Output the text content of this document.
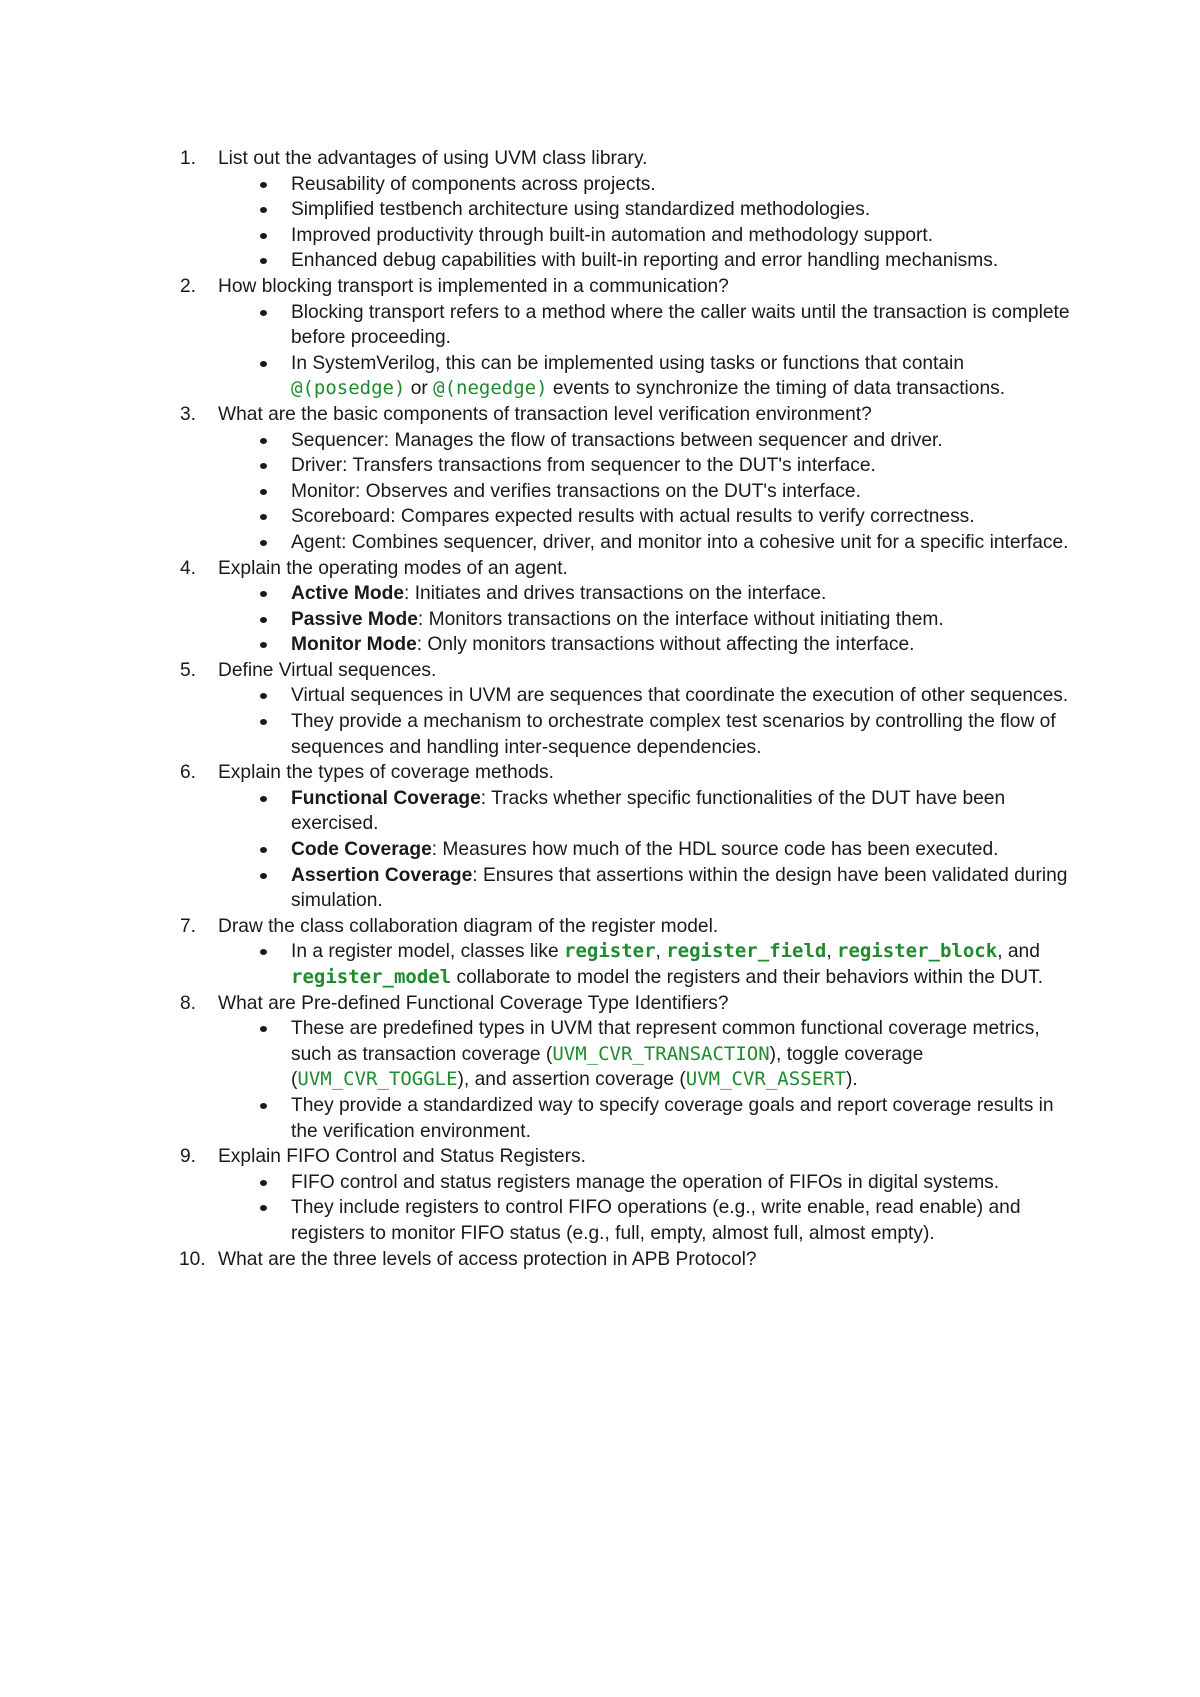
1.	List out the advantages of using UVM class library.
Reusability of components across projects.
Simplified testbench architecture using standardized methodologies.
Improved productivity through built-in automation and methodology support.
Enhanced debug capabilities with built-in reporting and error handling mechanisms.
2.	How blocking transport is implemented in a communication?
Blocking transport refers to a method where the caller waits until the transaction is complete before proceeding.
In SystemVerilog, this can be implemented using tasks or functions that contain @(posedge) or @(negedge) events to synchronize the timing of data transactions.
3.	What are the basic components of transaction level verification environment?
Sequencer: Manages the flow of transactions between sequencer and driver.
Driver: Transfers transactions from sequencer to the DUT's interface.
Monitor: Observes and verifies transactions on the DUT's interface.
Scoreboard: Compares expected results with actual results to verify correctness.
Agent: Combines sequencer, driver, and monitor into a cohesive unit for a specific interface.
4.	Explain the operating modes of an agent.
Active Mode: Initiates and drives transactions on the interface.
Passive Mode: Monitors transactions on the interface without initiating them.
Monitor Mode: Only monitors transactions without affecting the interface.
5.	Define Virtual sequences.
Virtual sequences in UVM are sequences that coordinate the execution of other sequences.
They provide a mechanism to orchestrate complex test scenarios by controlling the flow of sequences and handling inter-sequence dependencies.
6.	Explain the types of coverage methods.
Functional Coverage: Tracks whether specific functionalities of the DUT have been exercised.
Code Coverage: Measures how much of the HDL source code has been executed.
Assertion Coverage: Ensures that assertions within the design have been validated during simulation.
7.	Draw the class collaboration diagram of the register model.
In a register model, classes like register, register_field, register_block, and register_model collaborate to model the registers and their behaviors within the DUT.
8.	What are Pre-defined Functional Coverage Type Identifiers?
These are predefined types in UVM that represent common functional coverage metrics, such as transaction coverage (UVM_CVR_TRANSACTION), toggle coverage (UVM_CVR_TOGGLE), and assertion coverage (UVM_CVR_ASSERT).
They provide a standardized way to specify coverage goals and report coverage results in the verification environment.
9.	Explain FIFO Control and Status Registers.
FIFO control and status registers manage the operation of FIFOs in digital systems.
They include registers to control FIFO operations (e.g., write enable, read enable) and registers to monitor FIFO status (e.g., full, empty, almost full, almost empty).
10. What are the three levels of access protection in APB Protocol?
